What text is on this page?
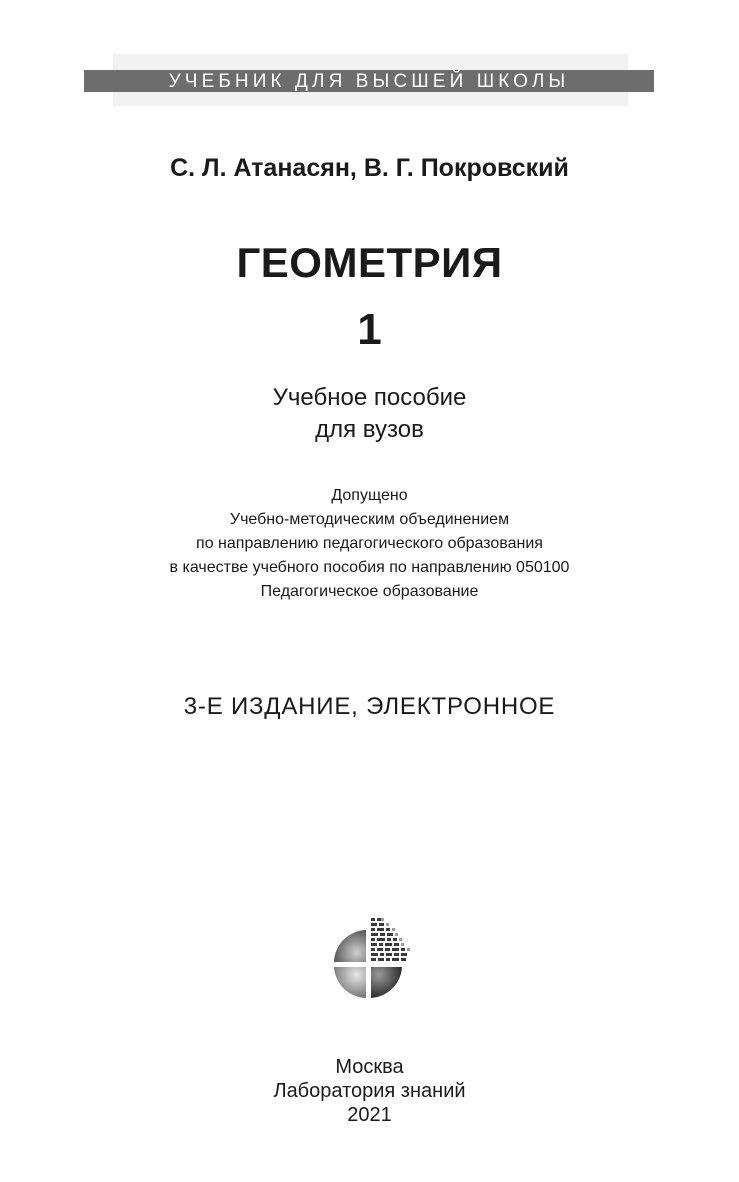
УЧЕБНИК ДЛЯ ВЫСШЕЙ ШКОЛЫ
С. Л. Атанасян, В. Г. Покровский
ГЕОМЕТРИЯ
1
Учебное пособие
для вузов
Допущено
Учебно-методическим объединением
по направлению педагогического образования
в качестве учебного пособия по направлению 050100
Педагогическое образование
3-Е ИЗДАНИЕ, ЭЛЕКТРОННОЕ
Москва
Лаборатория знаний
2021
